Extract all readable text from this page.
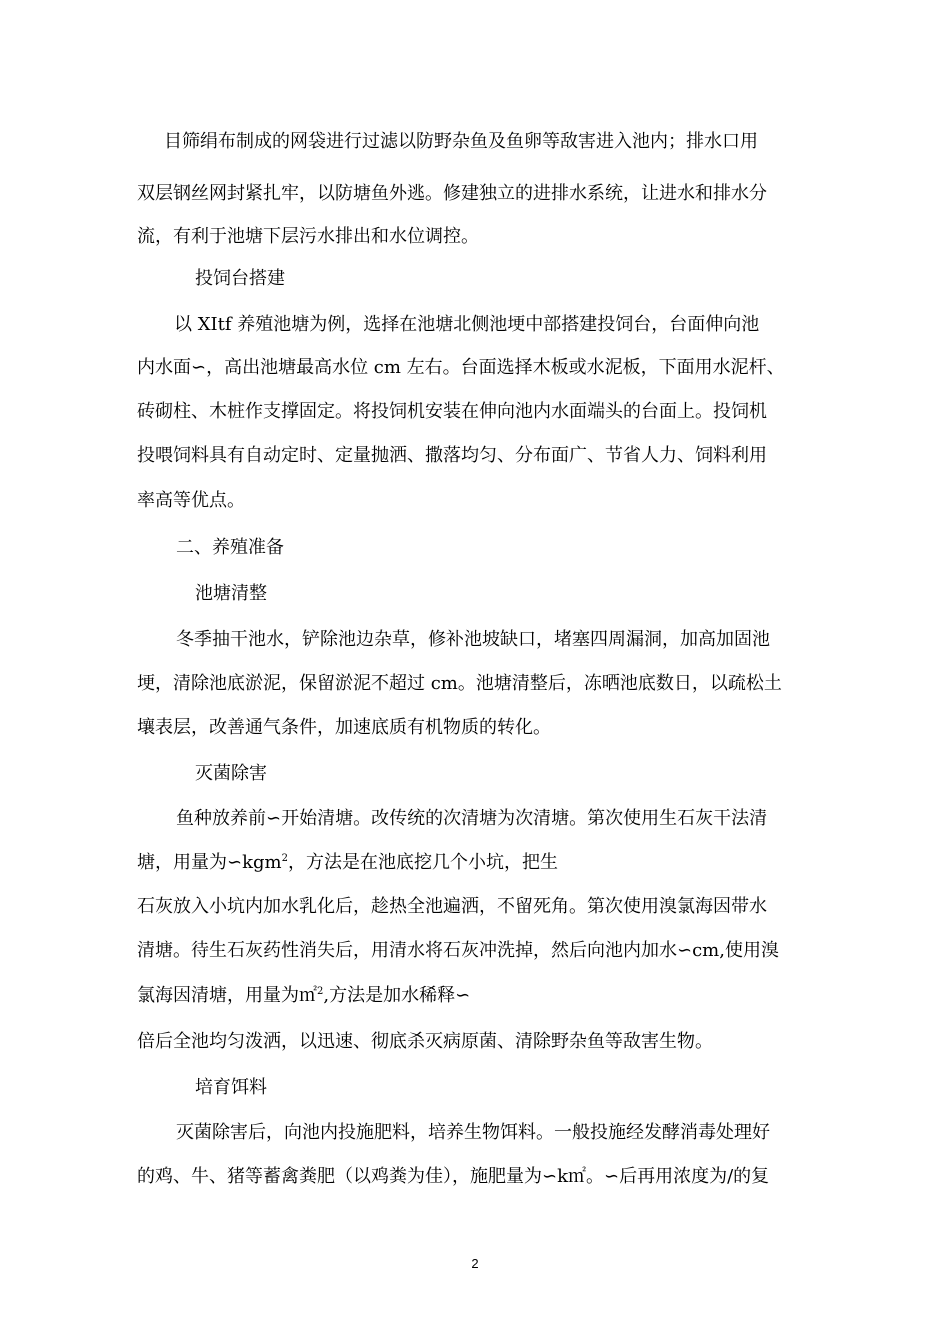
目筛绢布制成的网袋进行过滤以防野杂鱼及鱼卵等敌害进入池内；排水口用
双层钢丝网封紧扎牢，以防塘鱼外逃。修建独立的进排水系统，让进水和排水分
流，有利于池塘下层污水排出和水位调控。
投饲台搭建
以 XItf 养殖池塘为例，选择在池塘北侧池埂中部搭建投饲台，台面伸向池
内水面∽，高出池塘最高水位 cm 左右。台面选择木板或水泥板，下面用水泥杆、
砖砌柱、木桩作支撑固定。将投饲机安装在伸向池内水面端头的台面上。投饲机
投喂饲料具有自动定时、定量抛洒、撒落均匀、分布面广、节省人力、饲料利用
率高等优点。
二、养殖准备
池塘清整
冬季抽干池水，铲除池边杂草，修补池坡缺口，堵塞四周漏洞，加高加固池
埂，清除池底淤泥，保留淤泥不超过 cm。池塘清整后，冻晒池底数日，以疏松土
壤表层，改善通气条件，加速底质有机物质的转化。
灭菌除害
鱼种放养前∽开始清塘。改传统的次清塘为次清塘。第次使用生石灰干法清
塘，用量为∽kgm$^2$，方法是在池底挖几个小坑，把生
石灰放入小坑内加水乳化后，趁热全池遍洒，不留死角。第次使用溴氯海因带水
清塘。待生石灰药性消失后，用清水将石灰冲洗掉，然后向池内加水∽cm,使用溴
氯海因清塘，用量为㎡$^2$,方法是加水稀释∽
倍后全池均匀泼洒，以迅速、彻底杀灭病原菌、清除野杂鱼等敌害生物。
培育饵料
灭菌除害后，向池内投施肥料，培养生物饵料。一般投施经发酵消毒处理好
的鸡、牛、猪等蓄禽粪肥（以鸡粪为佳），施肥量为∽k㎡。∽后再用浓度为/的复
2
